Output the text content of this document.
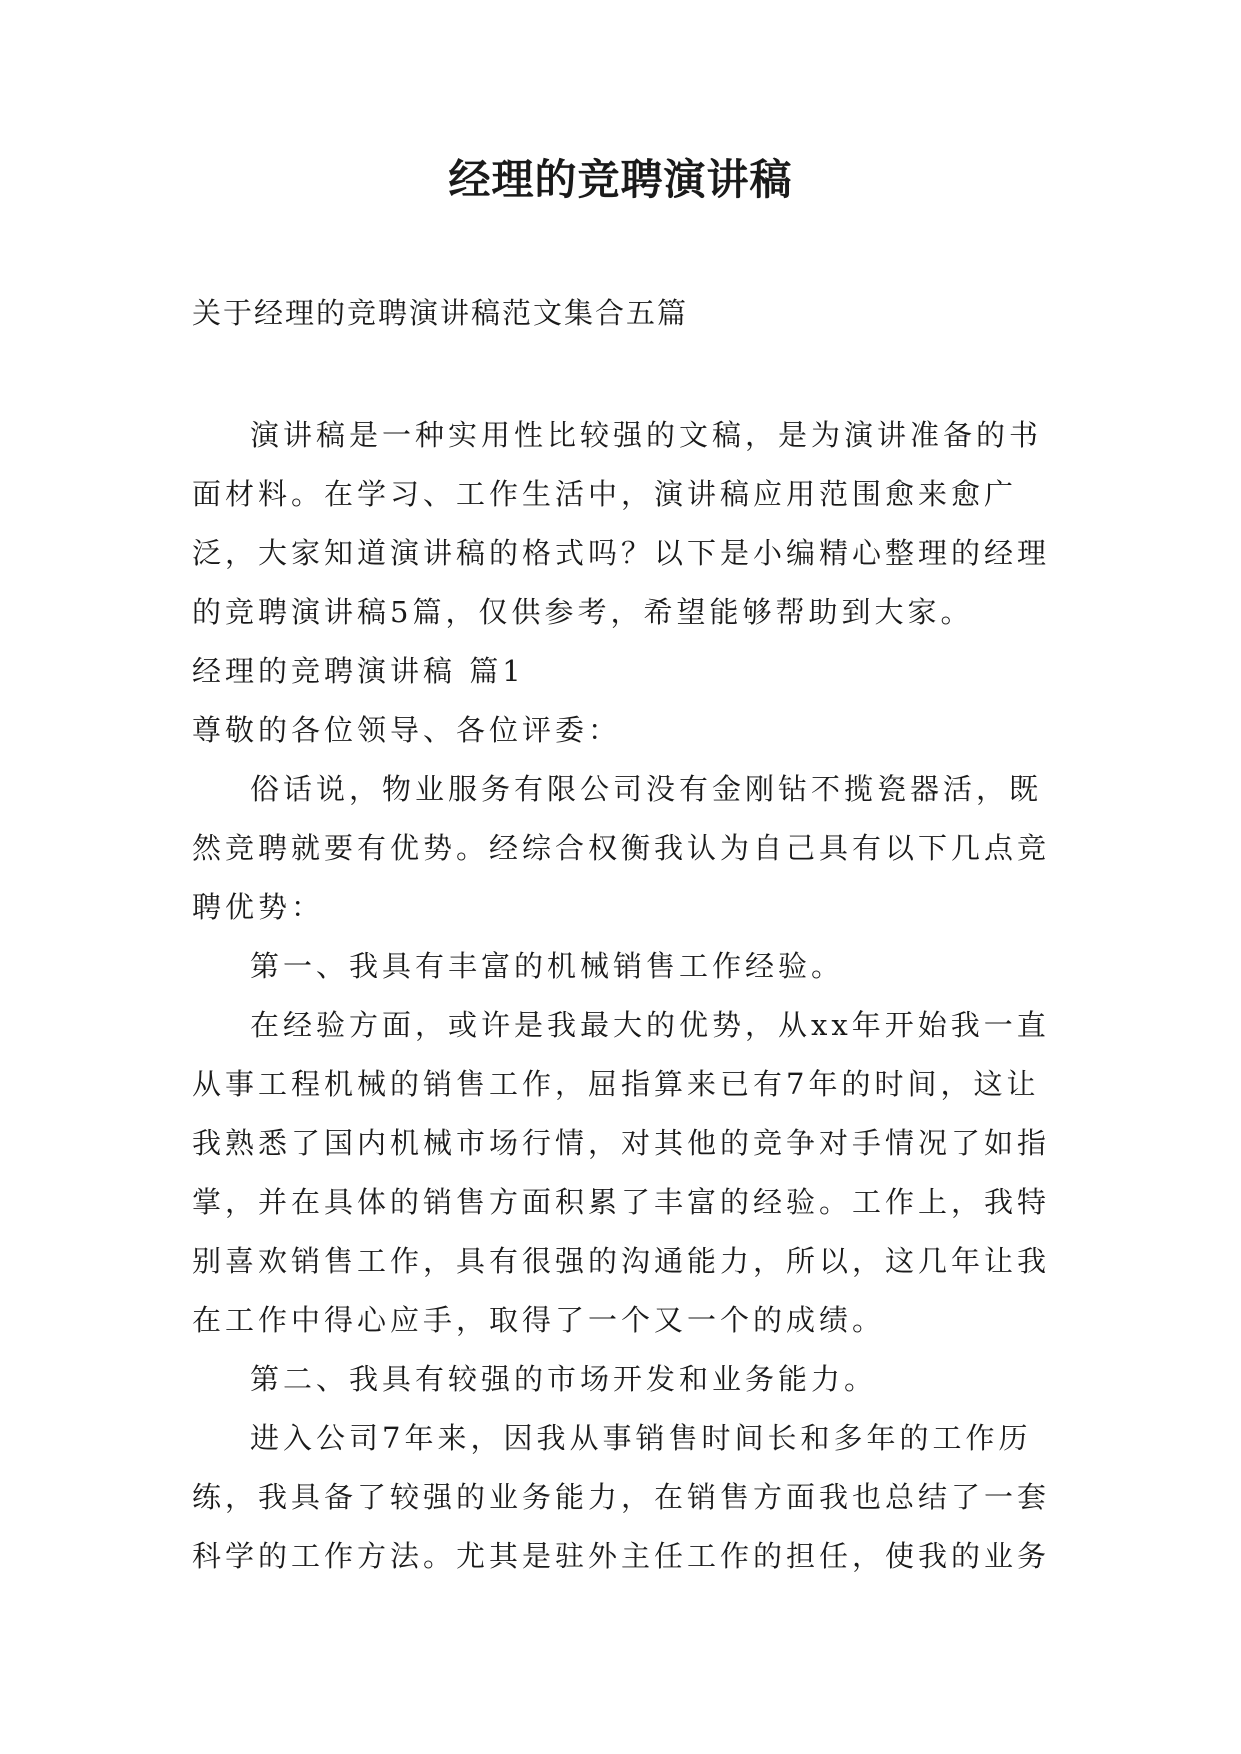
经理的竞聘演讲稿
关于经理的竞聘演讲稿范文集合五篇

演讲稿是一种实用性比较强的文稿，是为演讲准备的书面材料。在学习、工作生活中，演讲稿应用范围愈来愈广泛，大家知道演讲稿的格式吗？以下是小编精心整理的经理的竞聘演讲稿5篇，仅供参考，希望能够帮助到大家。

经理的竞聘演讲稿 篇1

尊敬的各位领导、各位评委：

俗话说，物业服务有限公司没有金刚钻不揽瓷器活，既然竞聘就要有优势。经综合权衡我认为自己具有以下几点竞聘优势：

第一、我具有丰富的机械销售工作经验。

在经验方面，或许是我最大的优势，从xx年开始我一直从事工程机械的销售工作，屈指算来已有7年的时间，这让我熟悉了国内机械市场行情，对其他的竞争对手情况了如指掌，并在具体的销售方面积累了丰富的经验。工作上，我特别喜欢销售工作，具有很强的沟通能力，所以，这几年让我在工作中得心应手，取得了一个又一个的成绩。

第二、我具有较强的市场开发和业务能力。

进入公司7年来，因我从事销售时间长和多年的工作历练，我具备了较强的业务能力，在销售方面我也总结了一套科学的工作方法。尤其是驻外主任工作的担任，使我的业务
